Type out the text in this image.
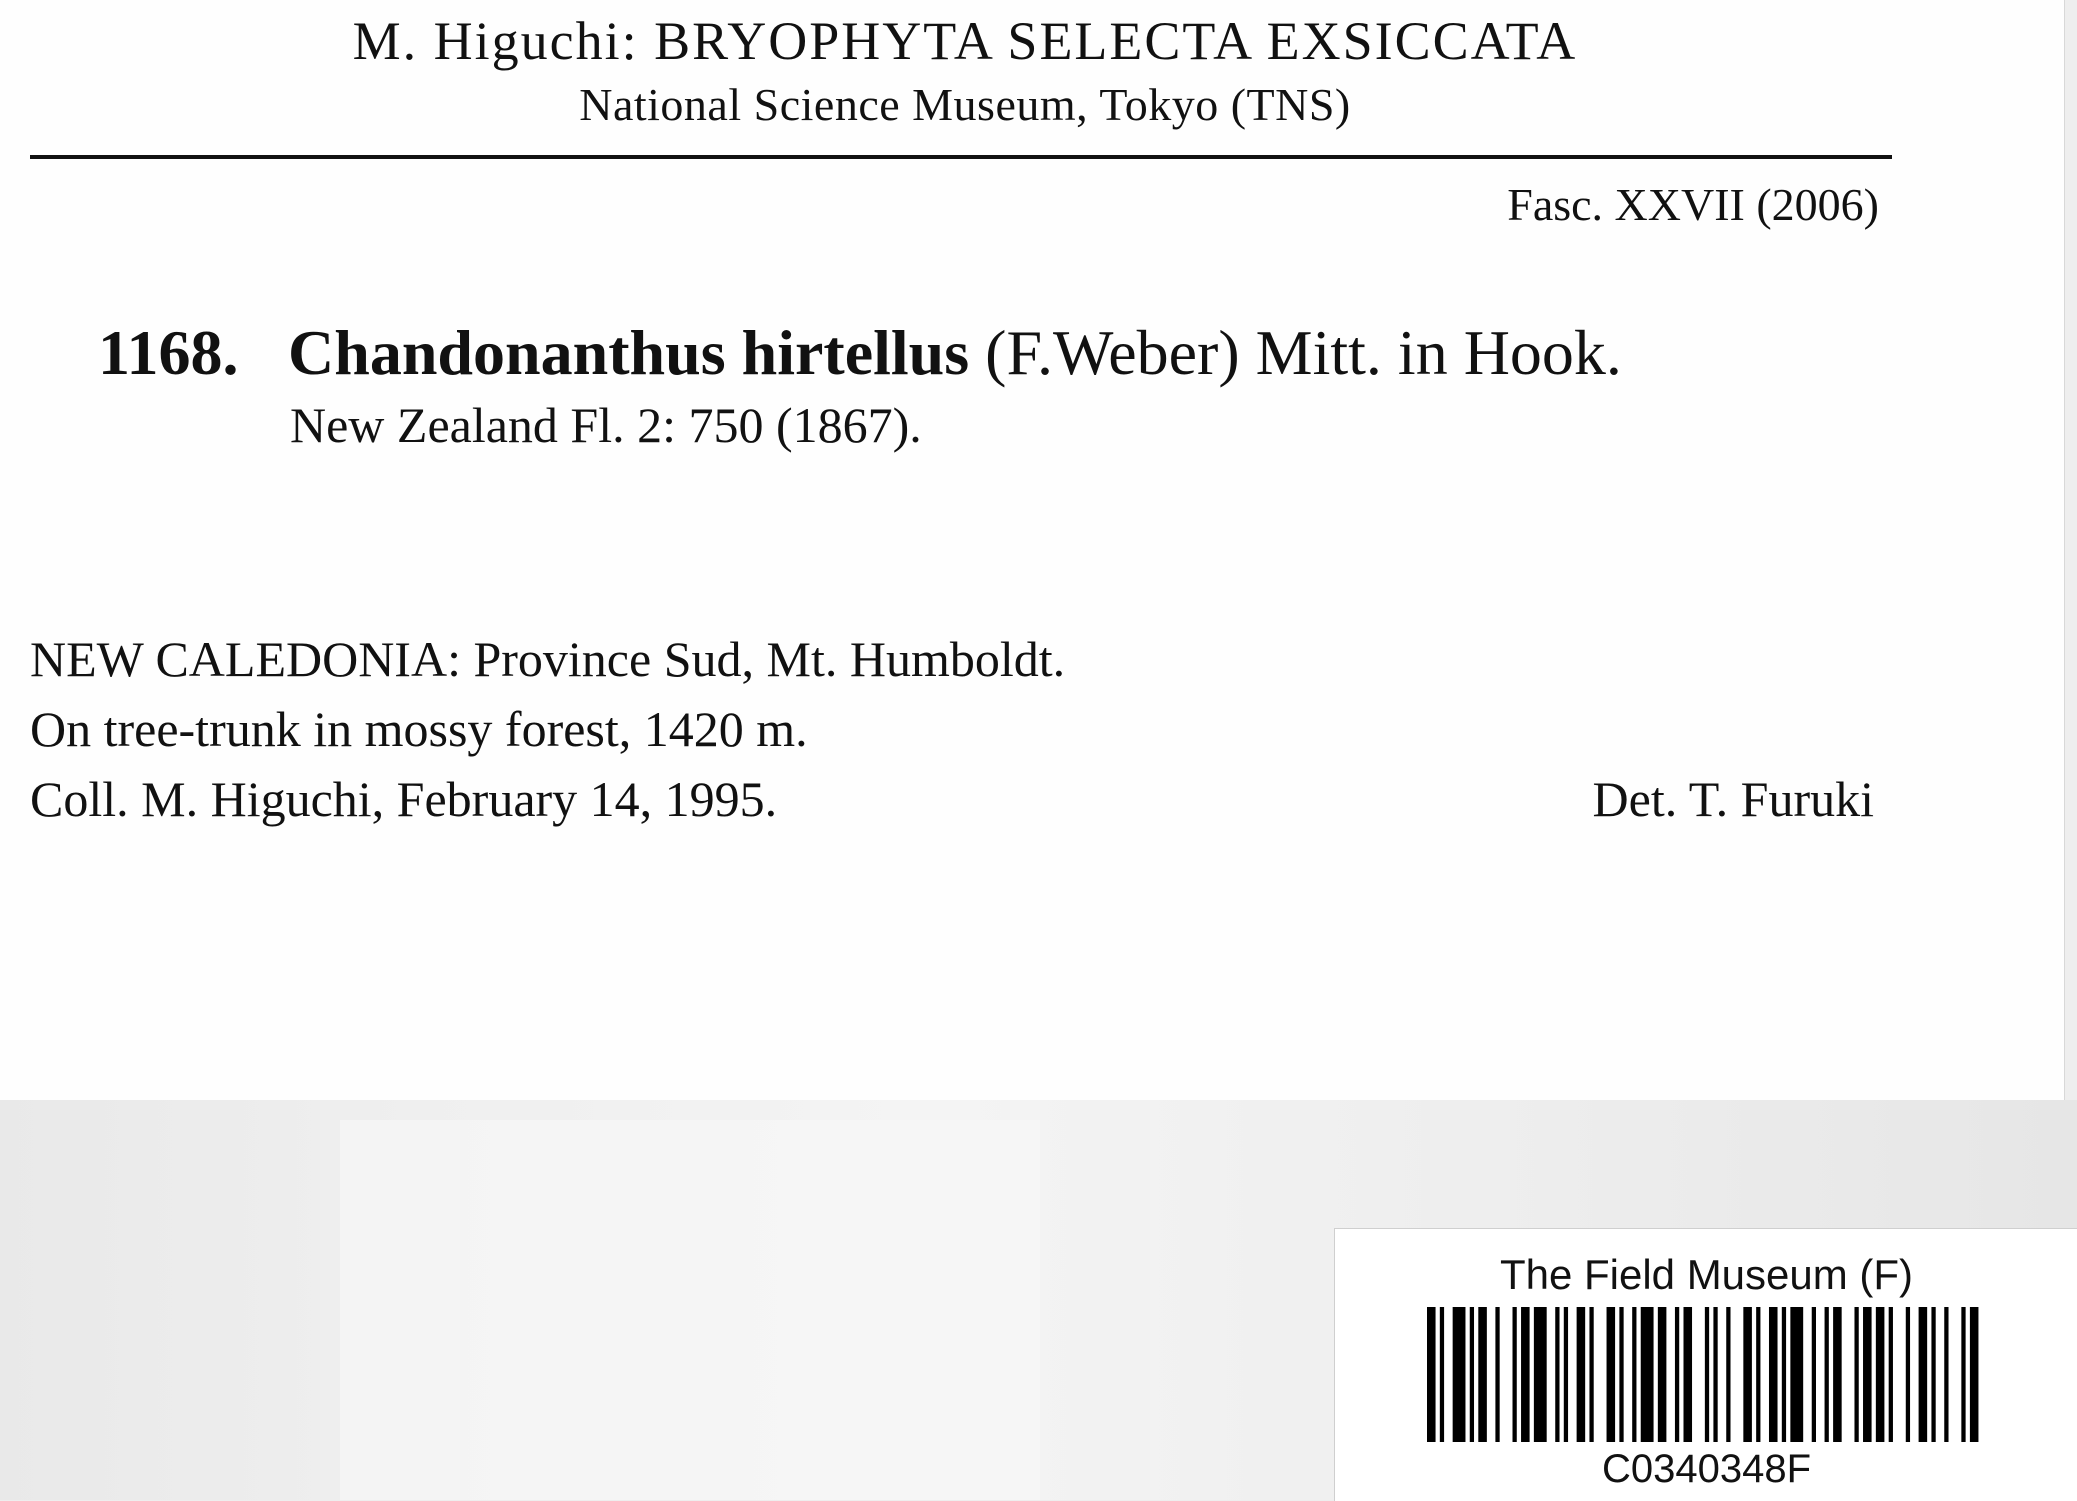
M. Higuchi: BRYOPHYTA SELECTA EXSICCATA
National Science Museum, Tokyo (TNS)
Fasc. XXVII (2006)
1168. Chandonanthus hirtellus (F.Weber) Mitt. in Hook.
New Zealand Fl. 2: 750 (1867).
NEW CALEDONIA: Province Sud, Mt. Humboldt.
On tree-trunk in mossy forest, 1420 m.
Coll. M. Higuchi, February 14, 1995.	Det. T. Furuki
The Field Museum (F)
C0340348F
